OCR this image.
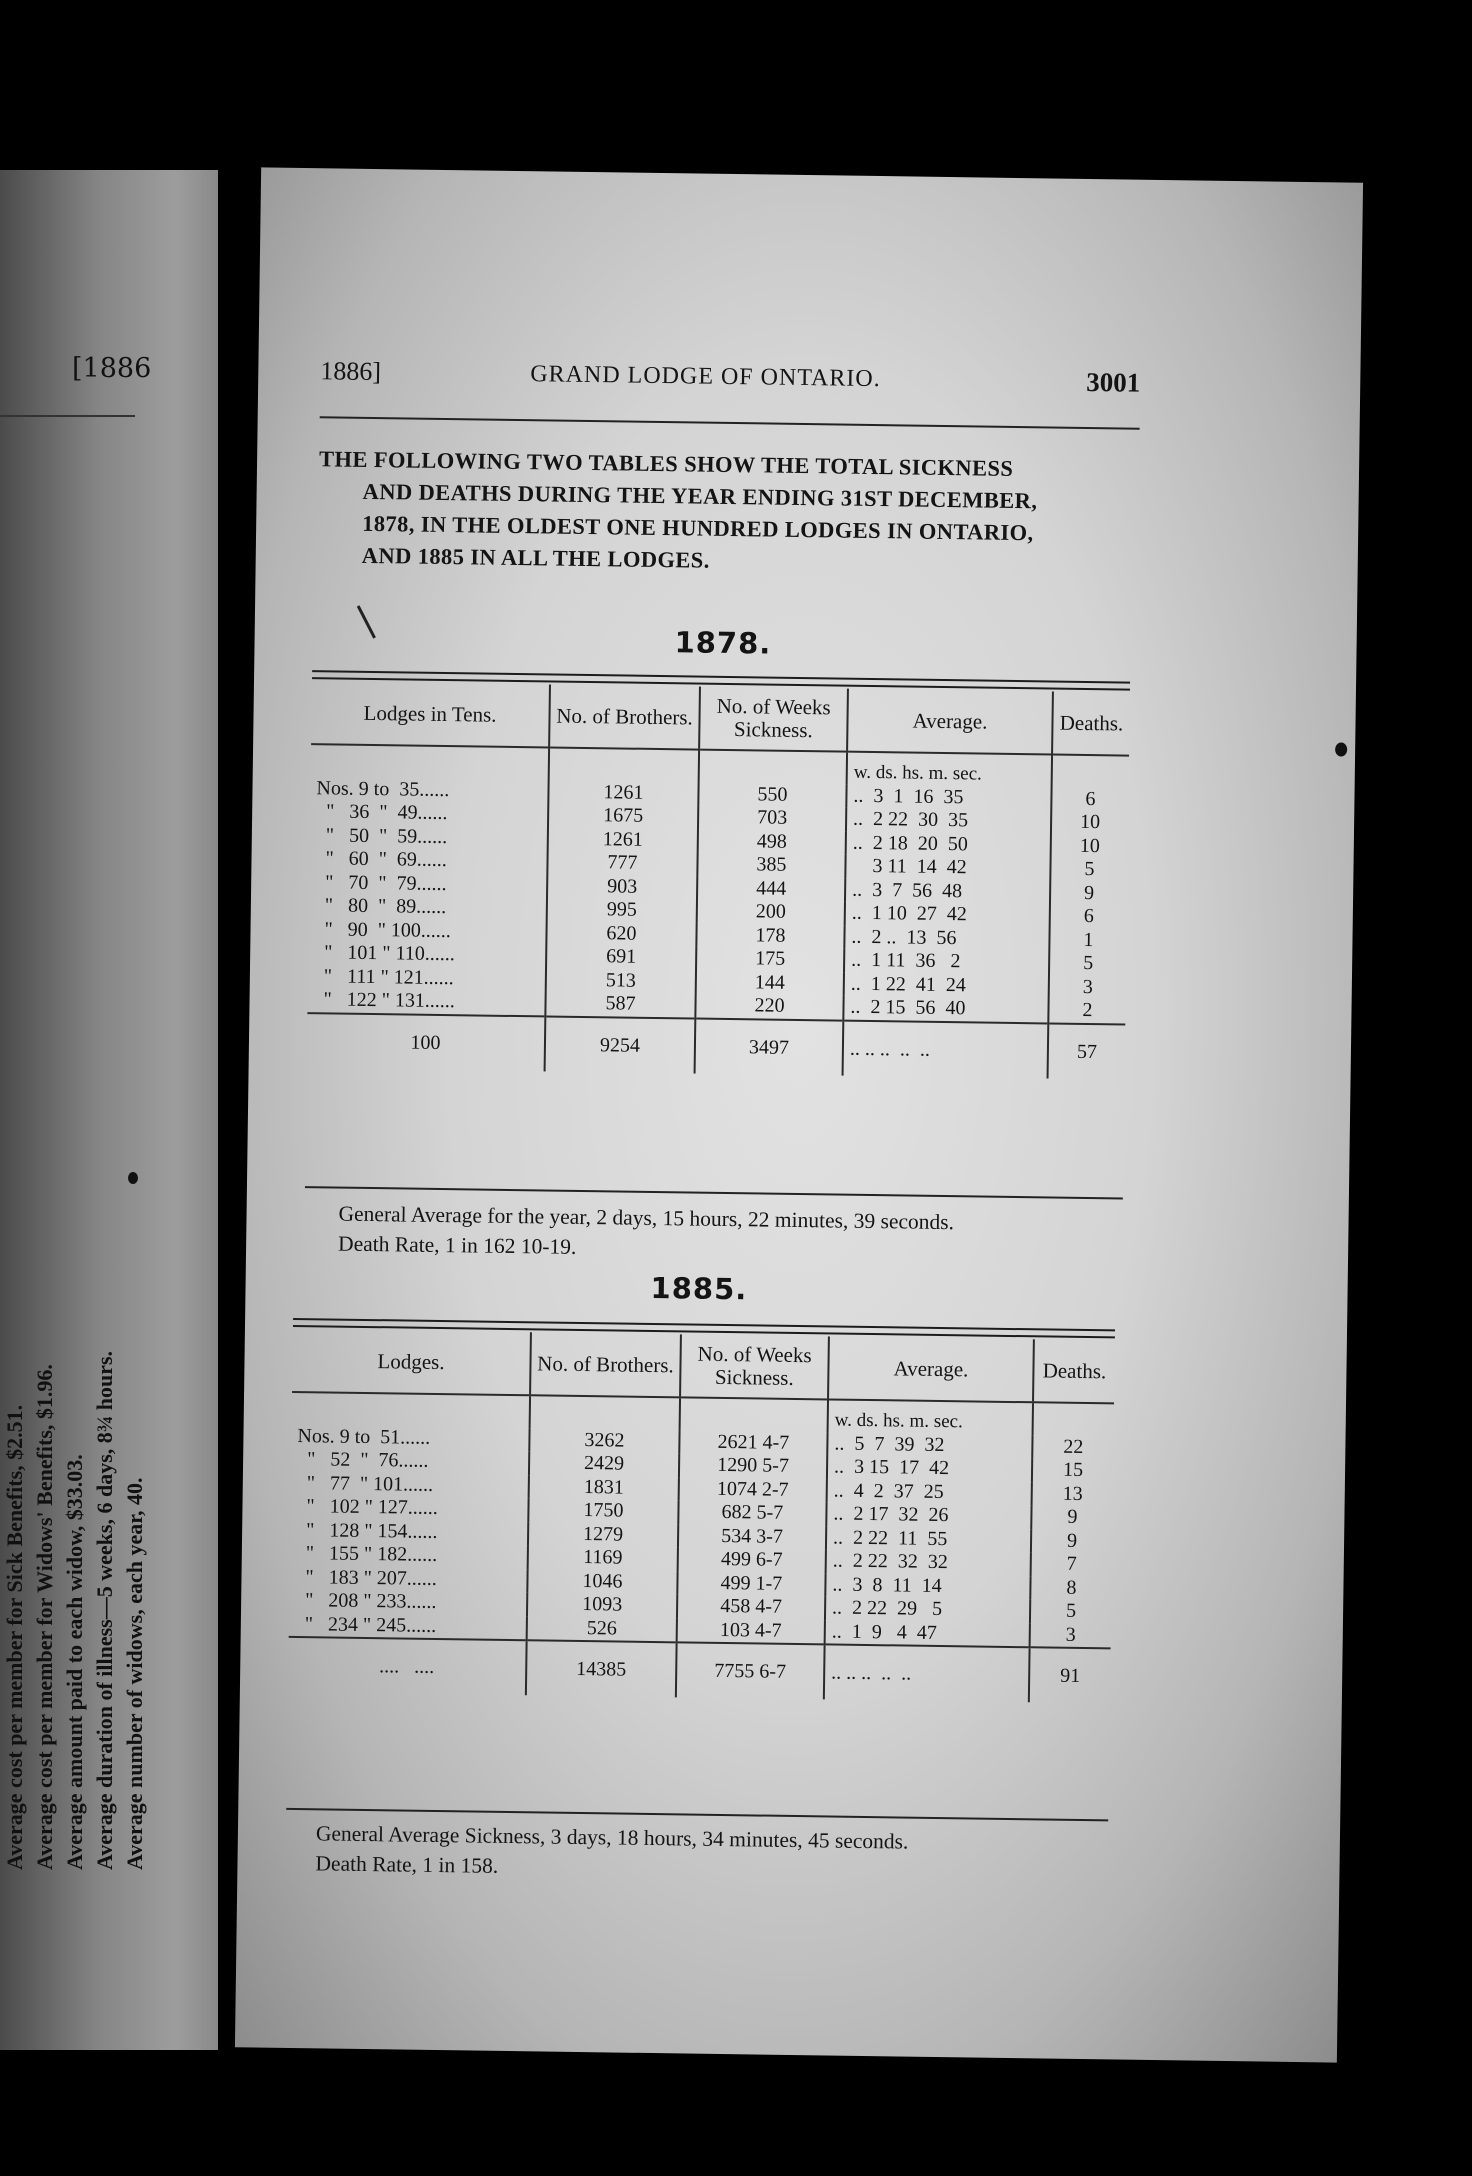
[1886
Average cost per member for Sick Benefits, $2.51. Average cost per member for Widows' Benefits, $1.96. Average amount paid to each widow, $33.03. Average duration of illness—5 weeks, 6 days, 8¾ hours. Average number of widows, each year, 40.
1886]	GRAND LODGE OF ONTARIO.	3001
THE FOLLOWING TWO TABLES SHOW THE TOTAL SICKNESS
AND DEATHS DURING THE YEAR ENDING 31ST DECEMBER,
1878, IN THE OLDEST ONE HUNDRED LODGES IN ONTARIO,
AND 1885 IN ALL THE LODGES.
1878.
Lodges in Tens.	No. of Brothers.	No. of Weeks Sickness.	Average.	Deaths.
			w. ds. hs. m. sec.	
Nos. 9 to  35......	1261	550	..  3  1  16  35	6
" 36  "  49......	1675	703	..  2 22  30  35	10
" 50  "  59......	1261	498	..  2 18  20  50	10
" 60  "  69......	777	385	3 11  14  42	5
" 70  "  79......	903	444	..  3  7  56  48	9
" 80  "  89......	995	200	..  1 10  27  42	6
" 90  " 100......	620	178	..  2 ..  13  56	1
" 101 " 110......	691	175	..  1 11  36   2	5
" 111 " 121......	513	144	..  1 22  41  24	3
" 122 " 131......	587	220	..  2 15  56  40	2
100	9254	3497	.. .. ..  ..  ..	57
General Average for the year, 2 days, 15 hours, 22 minutes, 39 seconds.
Death Rate, 1 in 162 10-19.
1885.
Lodges.	No. of Brothers.	No. of Weeks Sickness.	Average.	Deaths.
			w. ds. hs. m. sec.	
Nos. 9 to  51......	3262	2621 4-7	..  5  7  39  32	22
" 52  "  76......	2429	1290 5-7	..  3 15  17  42	15
" 77  " 101......	1831	1074 2-7	..  4  2  37  25	13
" 102 " 127......	1750	682 5-7	..  2 17  32  26	9
" 128 " 154......	1279	534 3-7	..  2 22  11  55	9
" 155 " 182......	1169	499 6-7	..  2 22  32  32	7
" 183 " 207......	1046	499 1-7	..  3  8  11  14	8
" 208 " 233......	1093	458 4-7	..  2 22  29   5	5
" 234 " 245......	526	103 4-7	..  1  9   4  47	3
....   ....	14385	7755 6-7	.. .. ..  ..  ..	91
General Average Sickness, 3 days, 18 hours, 34 minutes, 45 seconds.
Death Rate, 1 in 158.
